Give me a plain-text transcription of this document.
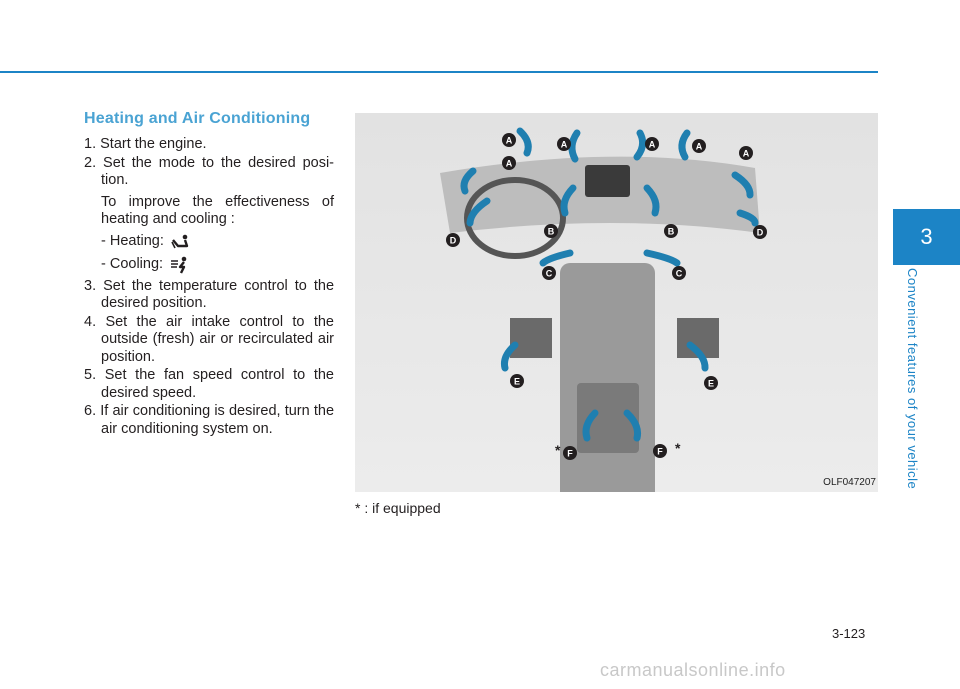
3
Convenient features of your vehicle
Heating and Air Conditioning

1. Start the engine.

2. Set the mode to the desired posi- tion.

To improve the effectiveness of heating and cooling :

- Heating:
- Cooling:

3. Set the temperature control to the desired position.

4. Set the air intake control to the outside (fresh) air or recirculated air position.

5. Set the fan speed control to the desired speed.

6. If air conditioning is desired, turn the air conditioning system on.

A
A	A	A	A
A
B	B
C	C
D
D
E	E
F	F
*	*
OLF047207
* : if equipped
3-123
carmanualsonline.info
